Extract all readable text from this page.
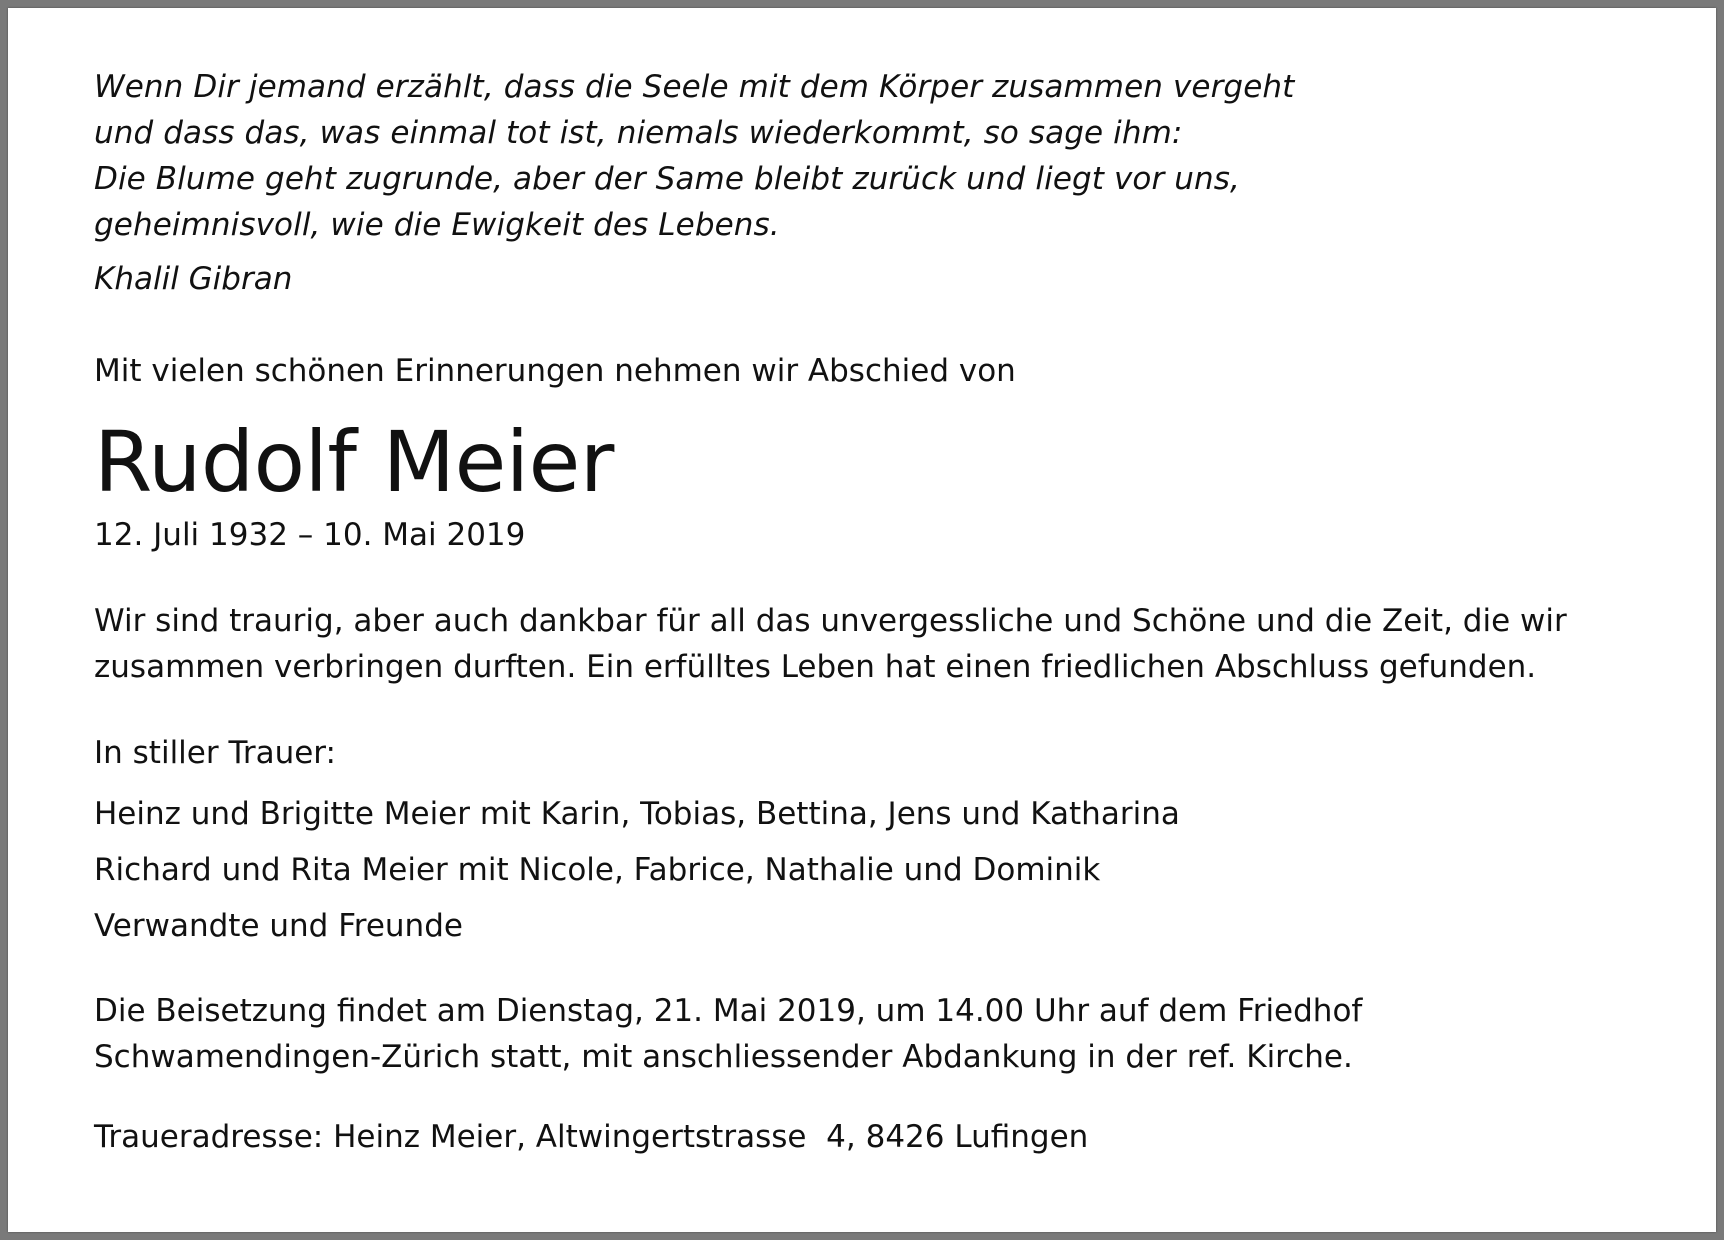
Wenn Dir jemand erzählt, dass die Seele mit dem Körper zusammen vergeht
und dass das, was einmal tot ist, niemals wiederkommt, so sage ihm:
Die Blume geht zugrunde, aber der Same bleibt zurück und liegt vor uns,
geheimnisvoll, wie die Ewigkeit des Lebens.
Khalil Gibran
Mit vielen schönen Erinnerungen nehmen wir Abschied von
Rudolf Meier
12. Juli 1932 – 10. Mai 2019
Wir sind traurig, aber auch dankbar für all das unvergessliche und Schöne und die Zeit, die wir
zusammen verbringen durften. Ein erfülltes Leben hat einen friedlichen Abschluss gefunden.
In stiller Trauer:
Heinz und Brigitte Meier mit Karin, Tobias, Bettina, Jens und Katharina
Richard und Rita Meier mit Nicole, Fabrice, Nathalie und Dominik
Verwandte und Freunde
Die Beisetzung findet am Dienstag, 21. Mai 2019, um 14.00 Uhr auf dem Friedhof
Schwamendingen-Zürich statt, mit anschliessender Abdankung in der ref. Kirche.
Traueradresse: Heinz Meier, Altwingertstrasse  4, 8426 Lufingen
